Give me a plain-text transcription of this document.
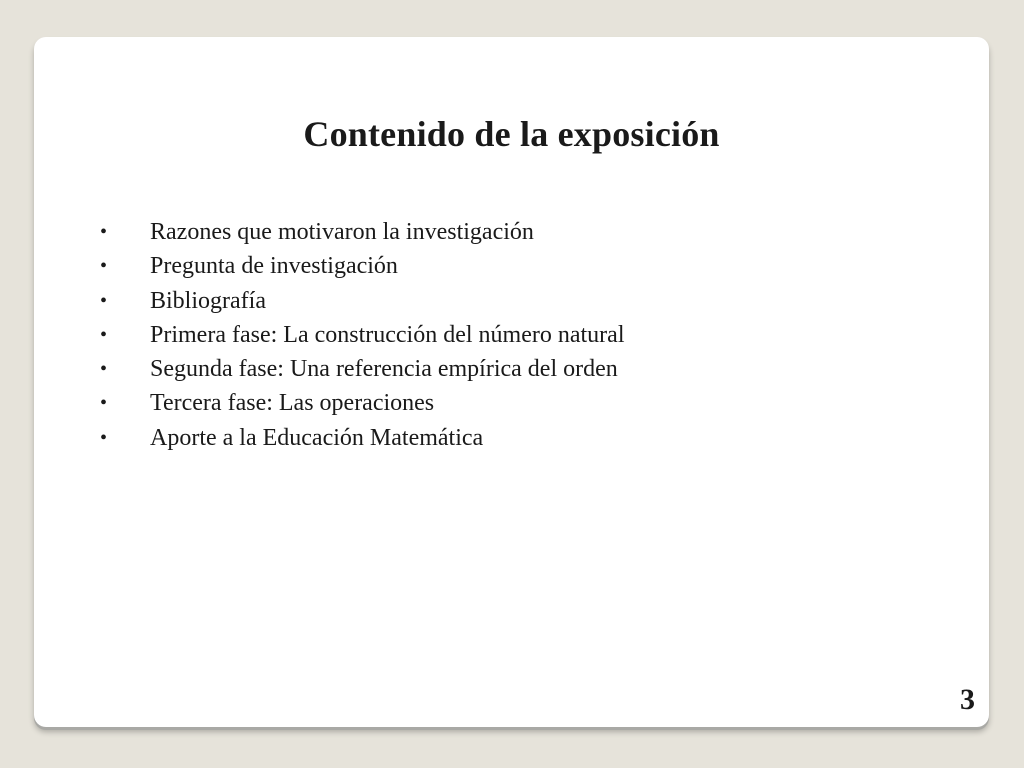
Contenido de la exposición
• Razones que motivaron la investigación
• Pregunta de investigación
• Bibliografía
• Primera fase: La construcción del número natural
• Segunda fase: Una referencia empírica del orden
• Tercera fase: Las operaciones
• Aporte a la Educación Matemática
3
